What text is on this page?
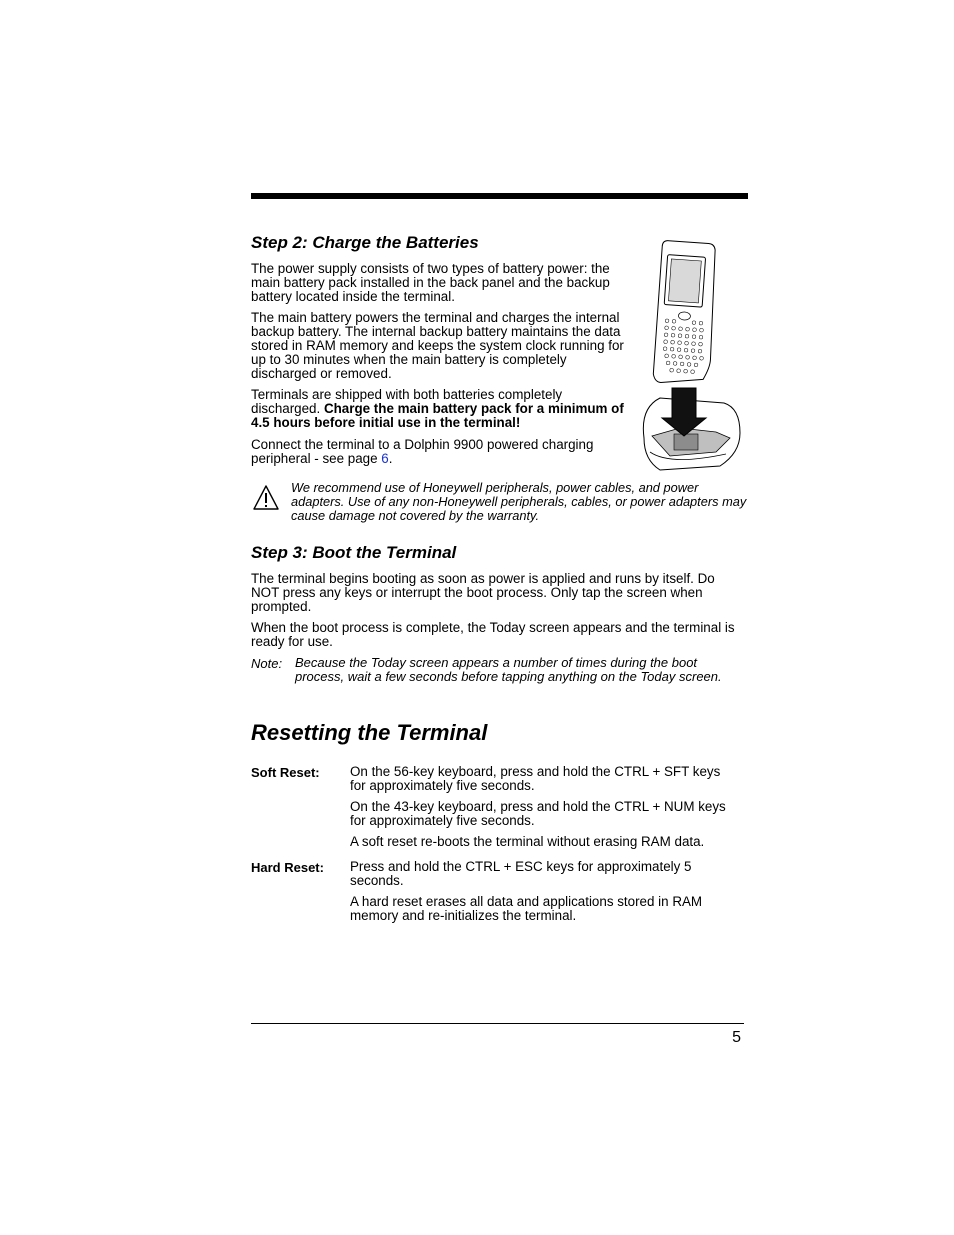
Step 2: Charge the Batteries

The power supply consists of two types of battery power: the main battery pack installed in the back panel and the backup battery located inside the terminal.

The main battery powers the terminal and charges the internal backup battery. The internal backup battery maintains the data stored in RAM memory and keeps the system clock running for up to 30 minutes when the main battery is completely discharged or removed.

Terminals are shipped with both batteries completely discharged. Charge the main battery pack for a minimum of 4.5 hours before initial use in the terminal!

Connect the terminal to a Dolphin 9900 powered charging peripheral - see page 6.

We recommend use of Honeywell peripherals, power cables, and power adapters. Use of any non-Honeywell peripherals, cables, or power adapters may cause damage not covered by the warranty.
Step 3: Boot the Terminal

The terminal begins booting as soon as power is applied and runs by itself. Do NOT press any keys or interrupt the boot process. Only tap the screen when prompted.

When the boot process is complete, the Today screen appears and the terminal is ready for use.

Note: Because the Today screen appears a number of times during the boot process, wait a few seconds before tapping anything on the Today screen.
Resetting the Terminal
Soft Reset: On the 56-key keyboard, press and hold the CTRL + SFT keys for approximately five seconds.
On the 43-key keyboard, press and hold the CTRL + NUM keys for approximately five seconds.
A soft reset re-boots the terminal without erasing RAM data.
Hard Reset: Press and hold the CTRL + ESC keys for approximately 5 seconds.
A hard reset erases all data and applications stored in RAM memory and re-initializes the terminal.
5
